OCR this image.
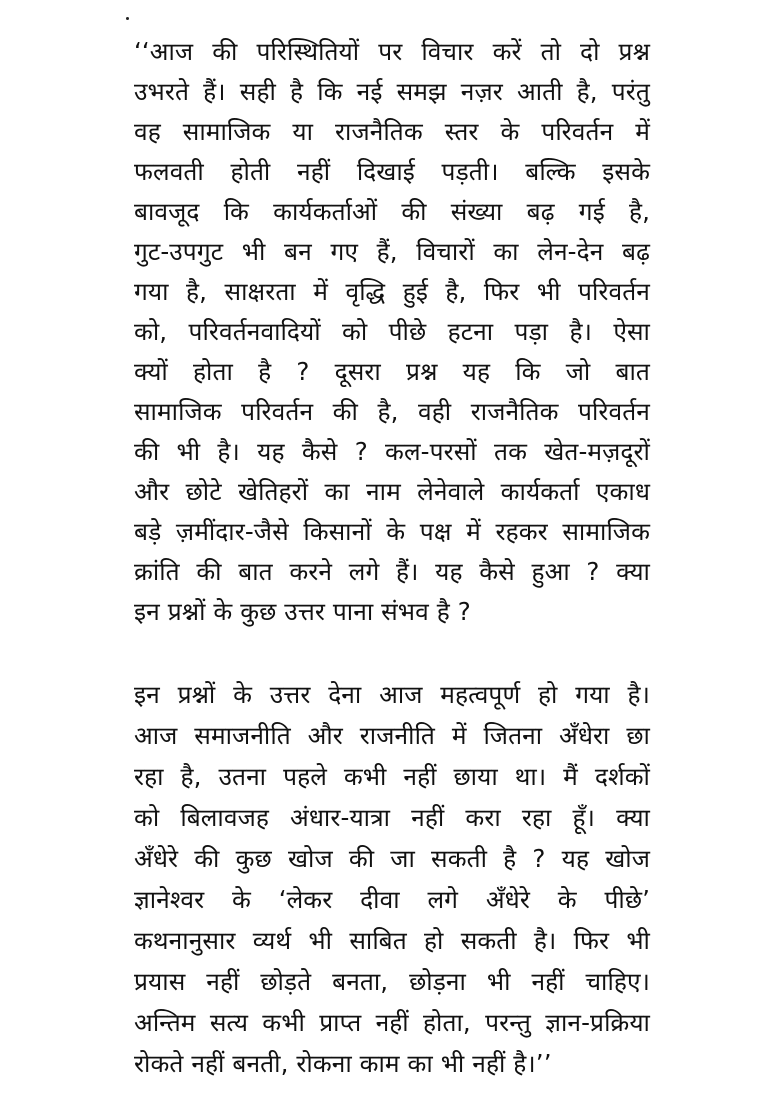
‘‘आज की परिस्थितियों पर विचार करें तो दो प्रश्न
उभरते हैं। सही है कि नई समझ नज़र आती है, परंतु
वह सामाजिक या राजनैतिक स्तर के परिवर्तन में
फलवती होती नहीं दिखाई पड़ती। बल्कि इसके
बावजूद कि कार्यकर्ताओं की संख्या बढ़ गई है,
गुट-उपगुट भी बन गए हैं, विचारों का लेन-देन बढ़
गया है, साक्षरता में वृद्धि हुई है, फिर भी परिवर्तन
को, परिवर्तनवादियों को पीछे हटना पड़ा है। ऐसा
क्यों होता है ? दूसरा प्रश्न यह कि जो बात
सामाजिक परिवर्तन की है, वही राजनैतिक परिवर्तन
की भी है। यह कैसे ? कल-परसों तक खेत-मज़दूरों
और छोटे खेतिहरों का नाम लेनेवाले कार्यकर्ता एकाध
बड़े ज़मींदार-जैसे किसानों के पक्ष में रहकर सामाजिक
क्रांति की बात करने लगे हैं। यह कैसे हुआ ? क्या
इन प्रश्नों के कुछ उत्तर पाना संभव है ?
इन प्रश्नों के उत्तर देना आज महत्वपूर्ण हो गया है।
आज समाजनीति और राजनीति में जितना अँधेरा छा
रहा है, उतना पहले कभी नहीं छाया था। मैं दर्शकों
को बिलावजह अंधार-यात्रा नहीं करा रहा हूँ। क्या
अँधेरे की कुछ खोज की जा सकती है ? यह खोज
ज्ञानेश्वर के ‘लेकर दीवा लगे अँधेरे के पीछे’
कथनानुसार व्यर्थ भी साबित हो सकती है। फिर भी
प्रयास नहीं छोड़ते बनता, छोड़ना भी नहीं चाहिए।
अन्तिम सत्य कभी प्राप्त नहीं होता, परन्तु ज्ञान-प्रक्रिया
रोकते नहीं बनती, रोकना काम का भी नहीं है।’’
